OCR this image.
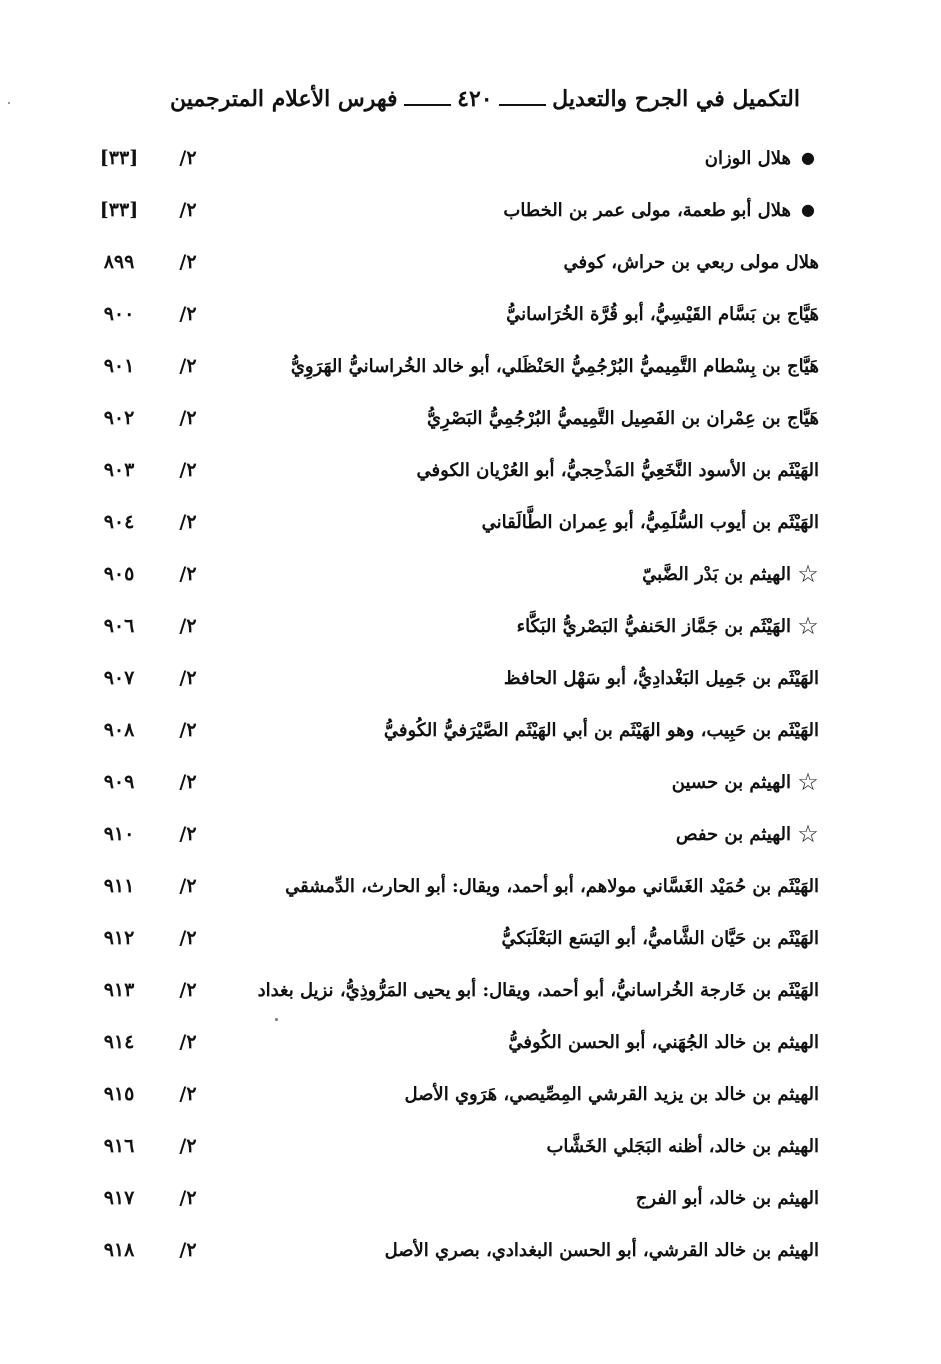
التكميل في الجرح والتعديل
٤٢٠
فهرس الأعلام المترجمين
●
هلال الوزان
/٢
[٣٣]
●
هلال أبو طعمة، مولى عمر بن الخطاب
/٢
[٣٣]
هلال مولى ربعي بن حراش، كوفي
/٢
٨٩٩
هَيَّاج بن بَسَّام القَيْسِيُّ، أبو قُرَّة الخُرَاسانيُّ
/٢
٩٠٠
هَيَّاج بن بِسْطام التَّمِيميُّ البُرْجُمِيُّ الحَنْظَلي، أبو خالد الخُراسانيُّ الهَرَوِيُّ
/٢
٩٠١
هَيَّاج بن عِمْران بن الفَصِيل التَّمِيميُّ البُرْجُمِيُّ البَصْرِيُّ
/٢
٩٠٢
الهَيْثَم بن الأسود النَّخَعِيُّ المَذْحِجيُّ، أبو العُرْيان الكوفي
/٢
٩٠٣
الهَيْثَم بن أيوب السُّلَمِيُّ، أبو عِمران الطَّالَقاني
/٢
٩٠٤
☆
الهيثم بن بَدْر الضَّبيّ
/٢
٩٠٥
☆
الهَيْثَم بن جَمَّاز الحَنفيُّ البَصْريُّ البَكَّاء
/٢
٩٠٦
الهَيْثَم بن جَمِيل البَغْدادِيُّ، أبو سَهْل الحافظ
/٢
٩٠٧
الهَيْثَم بن حَبِيب، وهو الهَيْثَم بن أبي الهَيْثَم الصَّيْرَفيُّ الكُوفيُّ
/٢
٩٠٨
☆
الهيثم بن حسين
/٢
٩٠٩
☆
الهيثم بن حفص
/٢
٩١٠
الهَيْثَم بن حُمَيْد الغَسَّاني مولاهم، أبو أحمد، ويقال: أبو الحارث، الدِّمشقي
/٢
٩١١
الهَيْثَم بن حَيَّان الشَّاميُّ، أبو اليَسَع البَعْلَبَكيُّ
/٢
٩١٢
الهَيْثَم بن خَارجة الخُراسانيُّ، أبو أحمد، ويقال: أبو يحيى المَرُّوذِيُّ، نزيل بغداد
/٢
٩١٣
الهيثم بن خالد الجُهَني، أبو الحسن الكُوفيُّ
/٢
٩١٤
الهيثم بن خالد بن يزيد القرشي المِصِّيصي، هَرَوي الأصل
/٢
٩١٥
الهيثم بن خالد، أظنه البَجَلي الخَشَّاب
/٢
٩١٦
الهيثم بن خالد، أبو الفرج
/٢
٩١٧
الهيثم بن خالد القرشي، أبو الحسن البغدادي، بصري الأصل
/٢
٩١٨
